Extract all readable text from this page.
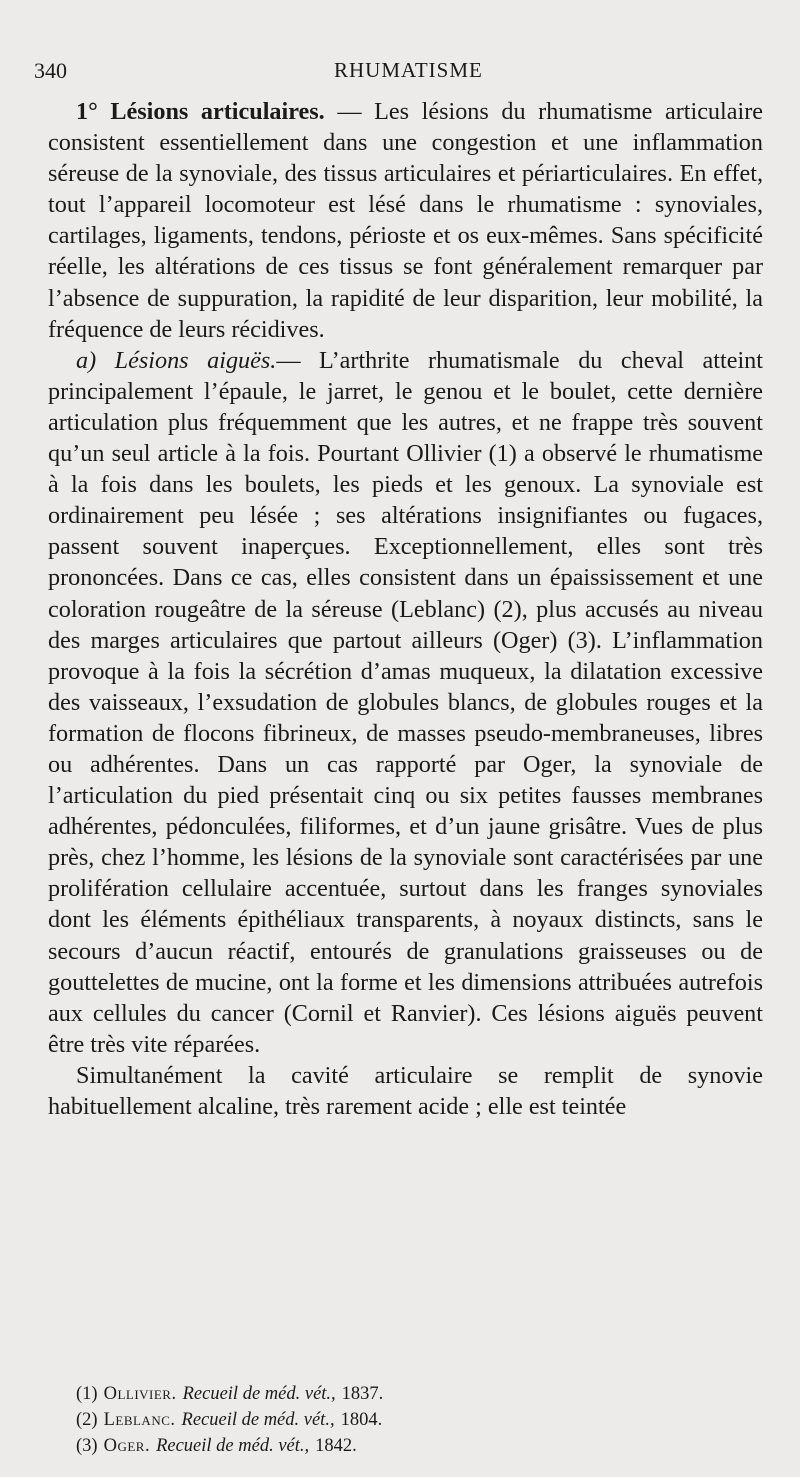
340	RHUMATISME

1° Lésions articulaires. — Les lésions du rhumatisme articulaire consistent essentiellement dans une congestion et une inflammation séreuse de la synoviale, des tissus articulaires et périarticulaires. En effet, tout l’appareil locomoteur est lésé dans le rhumatisme : synoviales, cartilages, ligaments, tendons, périoste et os eux-mêmes. Sans spécificité réelle, les altérations de ces tissus se font généralement remarquer par l’absence de suppuration, la rapidité de leur disparition, leur mobilité, la fréquence de leurs récidives.

a) Lésions aiguës.— L’arthrite rhumatismale du cheval atteint principalement l’épaule, le jarret, le genou et le boulet, cette dernière articulation plus fréquemment que les autres, et ne frappe très souvent qu’un seul article à la fois. Pourtant Ollivier (1) a observé le rhumatisme à la fois dans les boulets, les pieds et les genoux. La synoviale est ordinairement peu lésée ; ses altérations insignifiantes ou fugaces, passent souvent inaperçues. Exceptionnellement, elles sont très prononcées. Dans ce cas, elles consistent dans un épaississement et une coloration rougeâtre de la séreuse (Leblanc) (2), plus accusés au niveau des marges articulaires que partout ailleurs (Oger) (3). L’inflammation provoque à la fois la sécrétion d’amas muqueux, la dilatation excessive des vaisseaux, l’exsudation de globules blancs, de globules rouges et la formation de flocons fibrineux, de masses pseudo-membraneuses, libres ou adhérentes. Dans un cas rapporté par Oger, la synoviale de l’articulation du pied présentait cinq ou six petites fausses membranes adhérentes, pédonculées, filiformes, et d’un jaune grisâtre. Vues de plus près, chez l’homme, les lésions de la synoviale sont caractérisées par une prolifération cellulaire accentuée, surtout dans les franges synoviales dont les éléments épithéliaux transparents, à noyaux distincts, sans le secours d’aucun réactif, entourés de granulations graisseuses ou de gouttelettes de mucine, ont la forme et les dimensions attribuées autrefois aux cellules du cancer (Cornil et Ranvier). Ces lésions aiguës peuvent être très vite réparées.

Simultanément la cavité articulaire se remplit de synovie habituellement alcaline, très rarement acide ; elle est teintée

(1) Ollivier. Recueil de méd. vét., 1837.
(2) Leblanc. Recueil de méd. vét., 1804.
(3) Oger. Recueil de méd. vét., 1842.
